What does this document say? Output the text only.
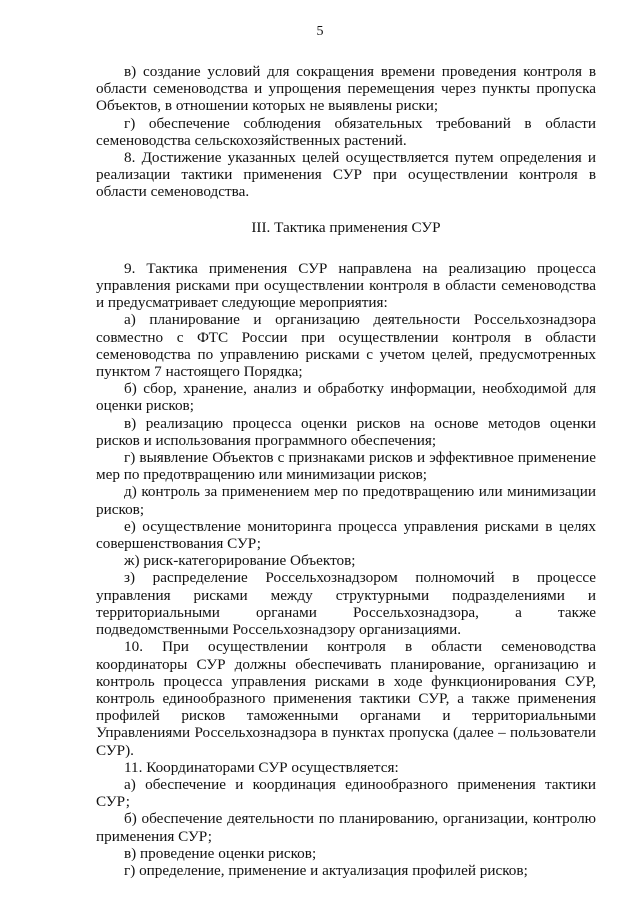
5

в) создание условий для сокращения времени проведения контроля в области семеноводства и упрощения перемещения через пункты пропуска Объектов, в отношении которых не выявлены риски;

г) обеспечение соблюдения обязательных требований в области семеноводства сельскохозяйственных растений.

8. Достижение указанных целей осуществляется путем определения и реализации тактики применения СУР при осуществлении контроля в области семеноводства.

III. Тактика применения СУР

9. Тактика применения СУР направлена на реализацию процесса управления рисками при осуществлении контроля в области семеноводства и предусматривает следующие мероприятия:

а) планирование и организацию деятельности Россельхознадзора совместно с ФТС России при осуществлении контроля в области семеноводства по управлению рисками с учетом целей, предусмотренных пунктом 7 настоящего Порядка;

б) сбор, хранение, анализ и обработку информации, необходимой для оценки рисков;

в) реализацию процесса оценки рисков на основе методов оценки рисков и использования программного обеспечения;

г) выявление Объектов с признаками рисков и эффективное применение мер по предотвращению или минимизации рисков;

д) контроль за применением мер по предотвращению или минимизации рисков;

е) осуществление мониторинга процесса управления рисками в целях совершенствования СУР;

ж) риск-категорирование Объектов;

з) распределение Россельхознадзором полномочий в процессе управления рисками между структурными подразделениями и территориальными органами Россельхознадзора, а также подведомственными Россельхознадзору организациями.

10. При осуществлении контроля в области семеноводства координаторы СУР должны обеспечивать планирование, организацию и контроль процесса управления рисками в ходе функционирования СУР, контроль единообразного применения тактики СУР, а также применения профилей рисков таможенными органами и территориальными Управлениями Россельхознадзора в пунктах пропуска (далее – пользователи СУР).

11. Координаторами СУР осуществляется:

а) обеспечение и координация единообразного применения тактики СУР;

б) обеспечение деятельности по планированию, организации, контролю применения СУР;

в) проведение оценки рисков;

г) определение, применение и актуализация профилей рисков;
